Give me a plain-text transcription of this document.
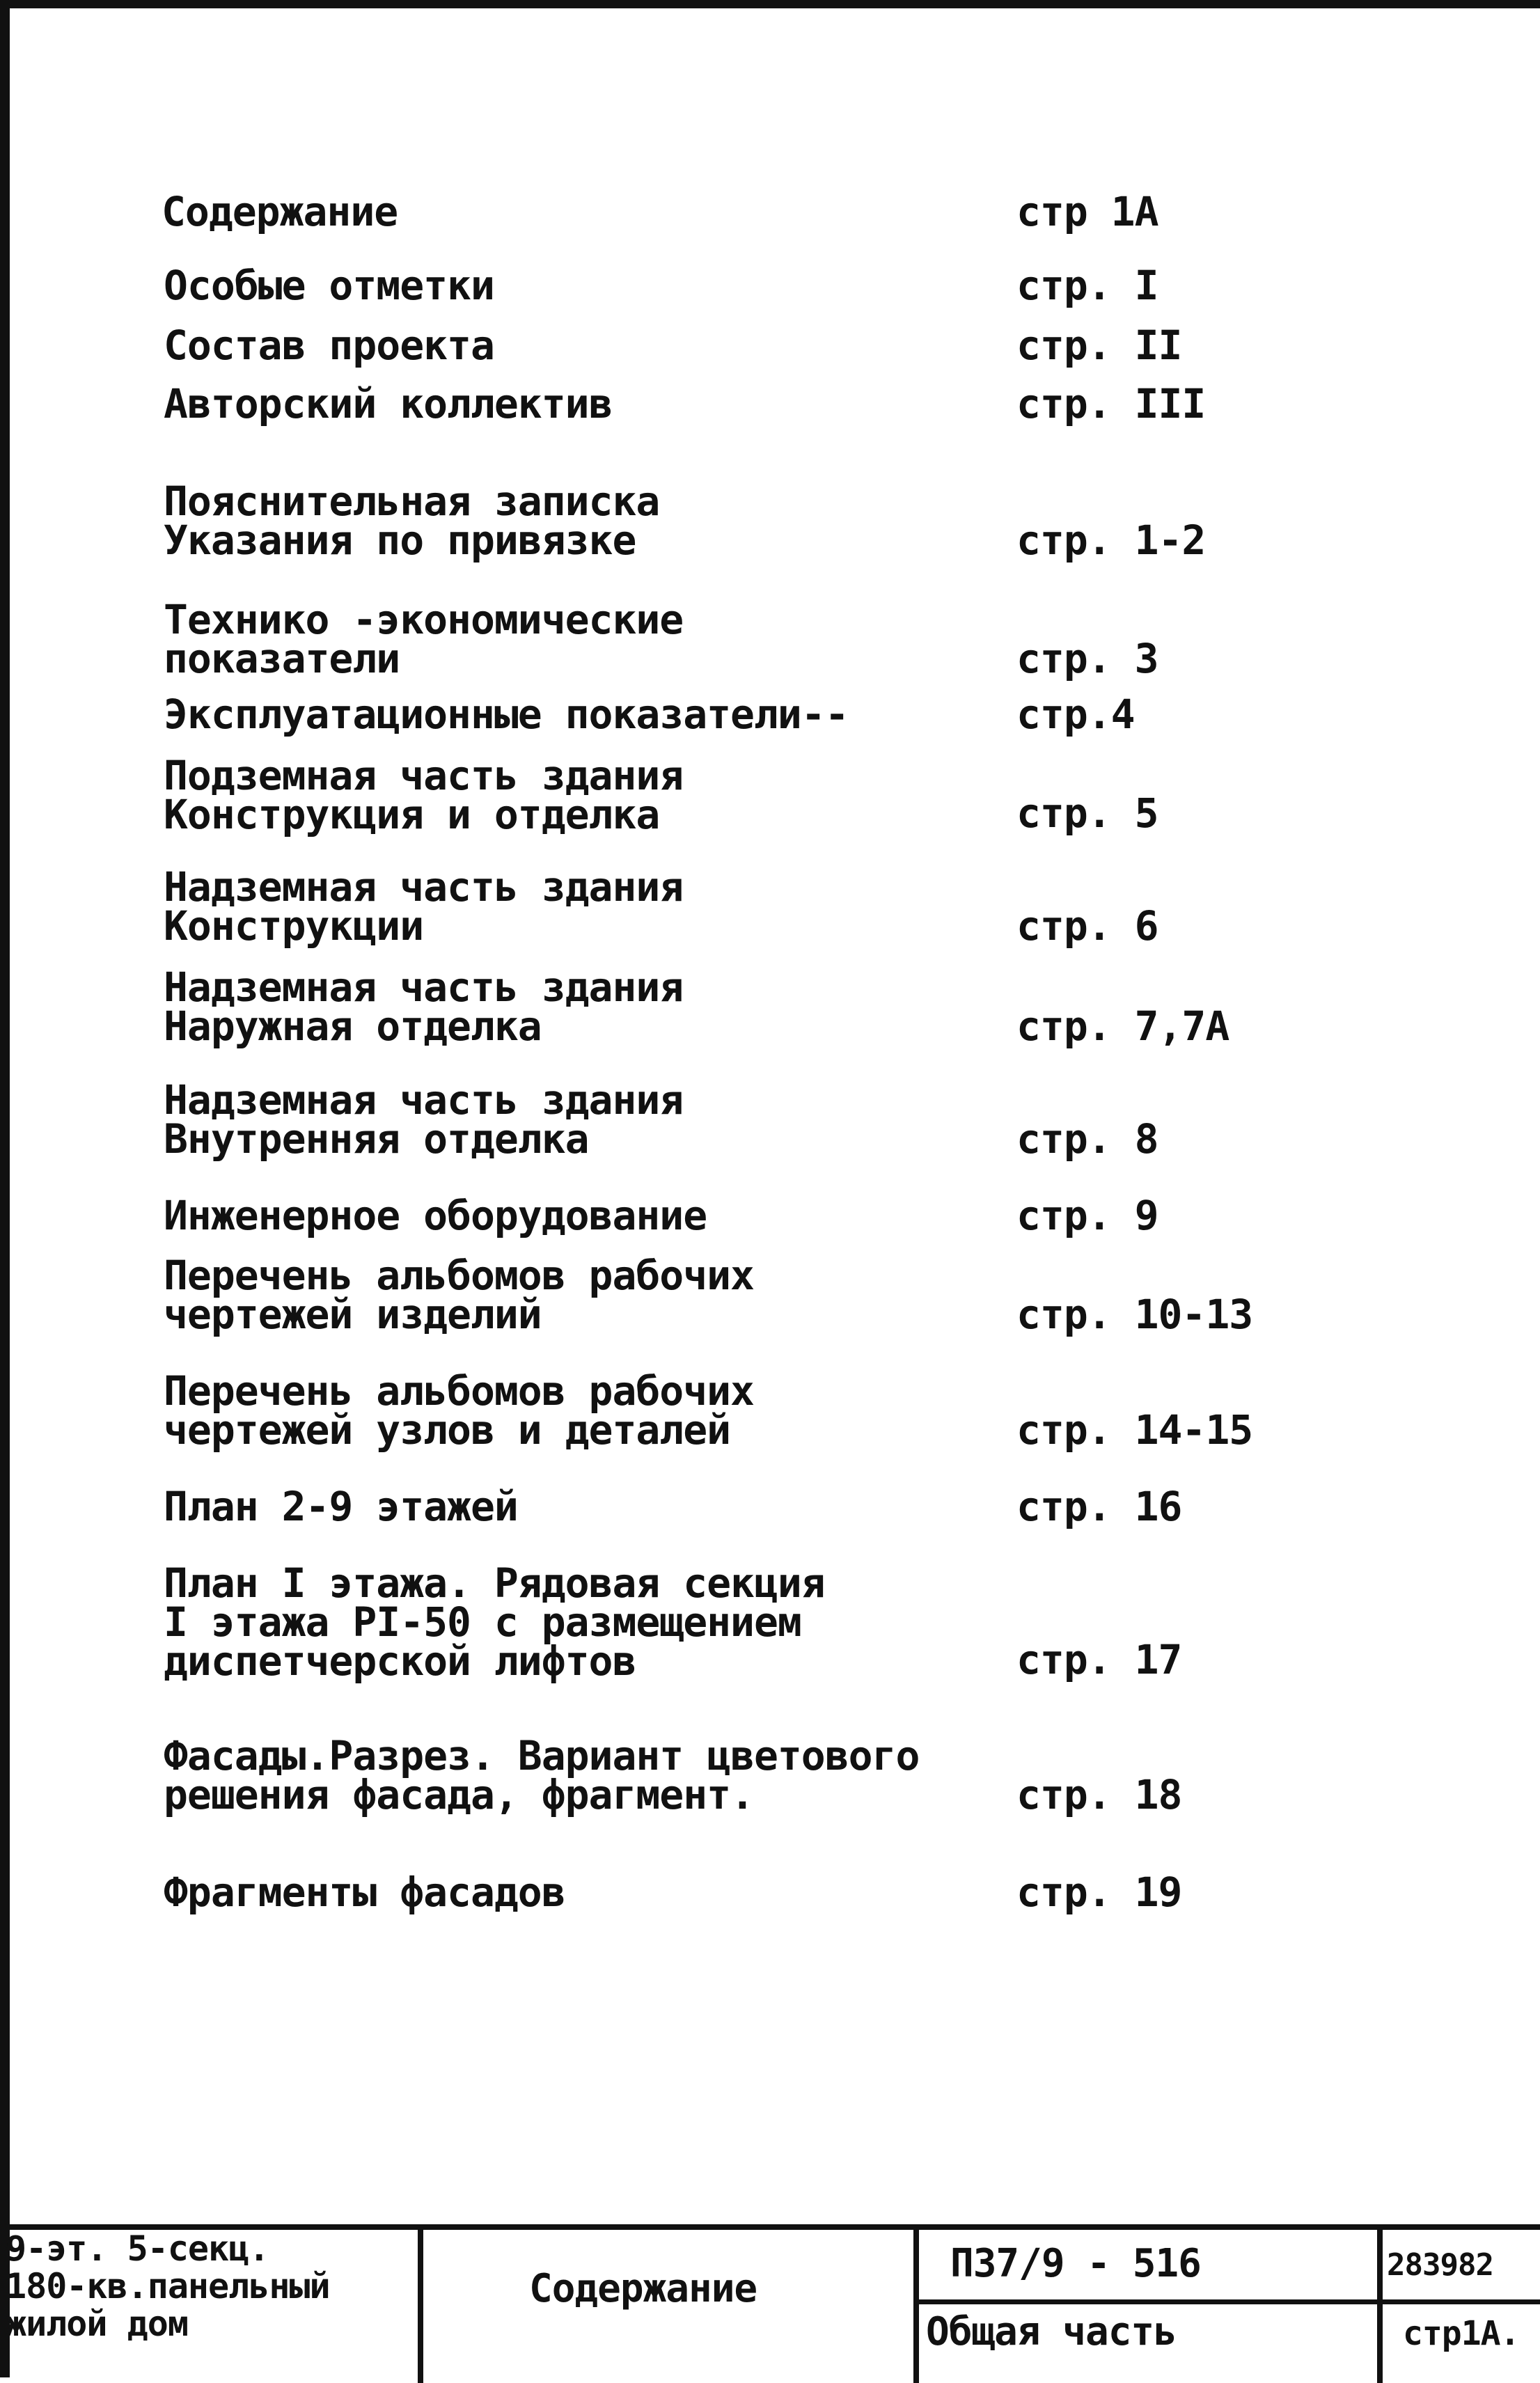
Содержание	стр 1А
Особые отметки	стр. I
Состав проекта	стр. II
Авторский коллектив	стр. III
Пояснительная записка
Указания по привязке	стр. 1-2
Технико -экономические
показатели	стр. 3
Эксплуатационные показатели--	стр.4
Подземная часть здания
Конструкция и отделка	стр. 5
Надземная часть здания
Конструкции	стр. 6
Надземная часть здания
Наружная отделка	стр. 7,7А
Надземная часть здания
Внутренняя отделка	стр. 8
Инженерное оборудование	стр. 9
Перечень альбомов рабочих
чертежей изделий	стр. 10-13
Перечень альбомов рабочих
чертежей узлов и деталей	стр. 14-15
План 2-9 этажей	стр. 16
План I этажа. Рядовая секция
I этажа РI-50 с размещением
диспетчерской лифтов	стр. 17
Фасады.Разрез. Вариант цветового
решения фасада, фрагмент.	стр. 18
Фрагменты фасадов	стр. 19
9-эт. 5-секц.
180-кв.панельный
жилой дом
Содержание
П37/9 - 516
Общая часть
283982
стр1А.
